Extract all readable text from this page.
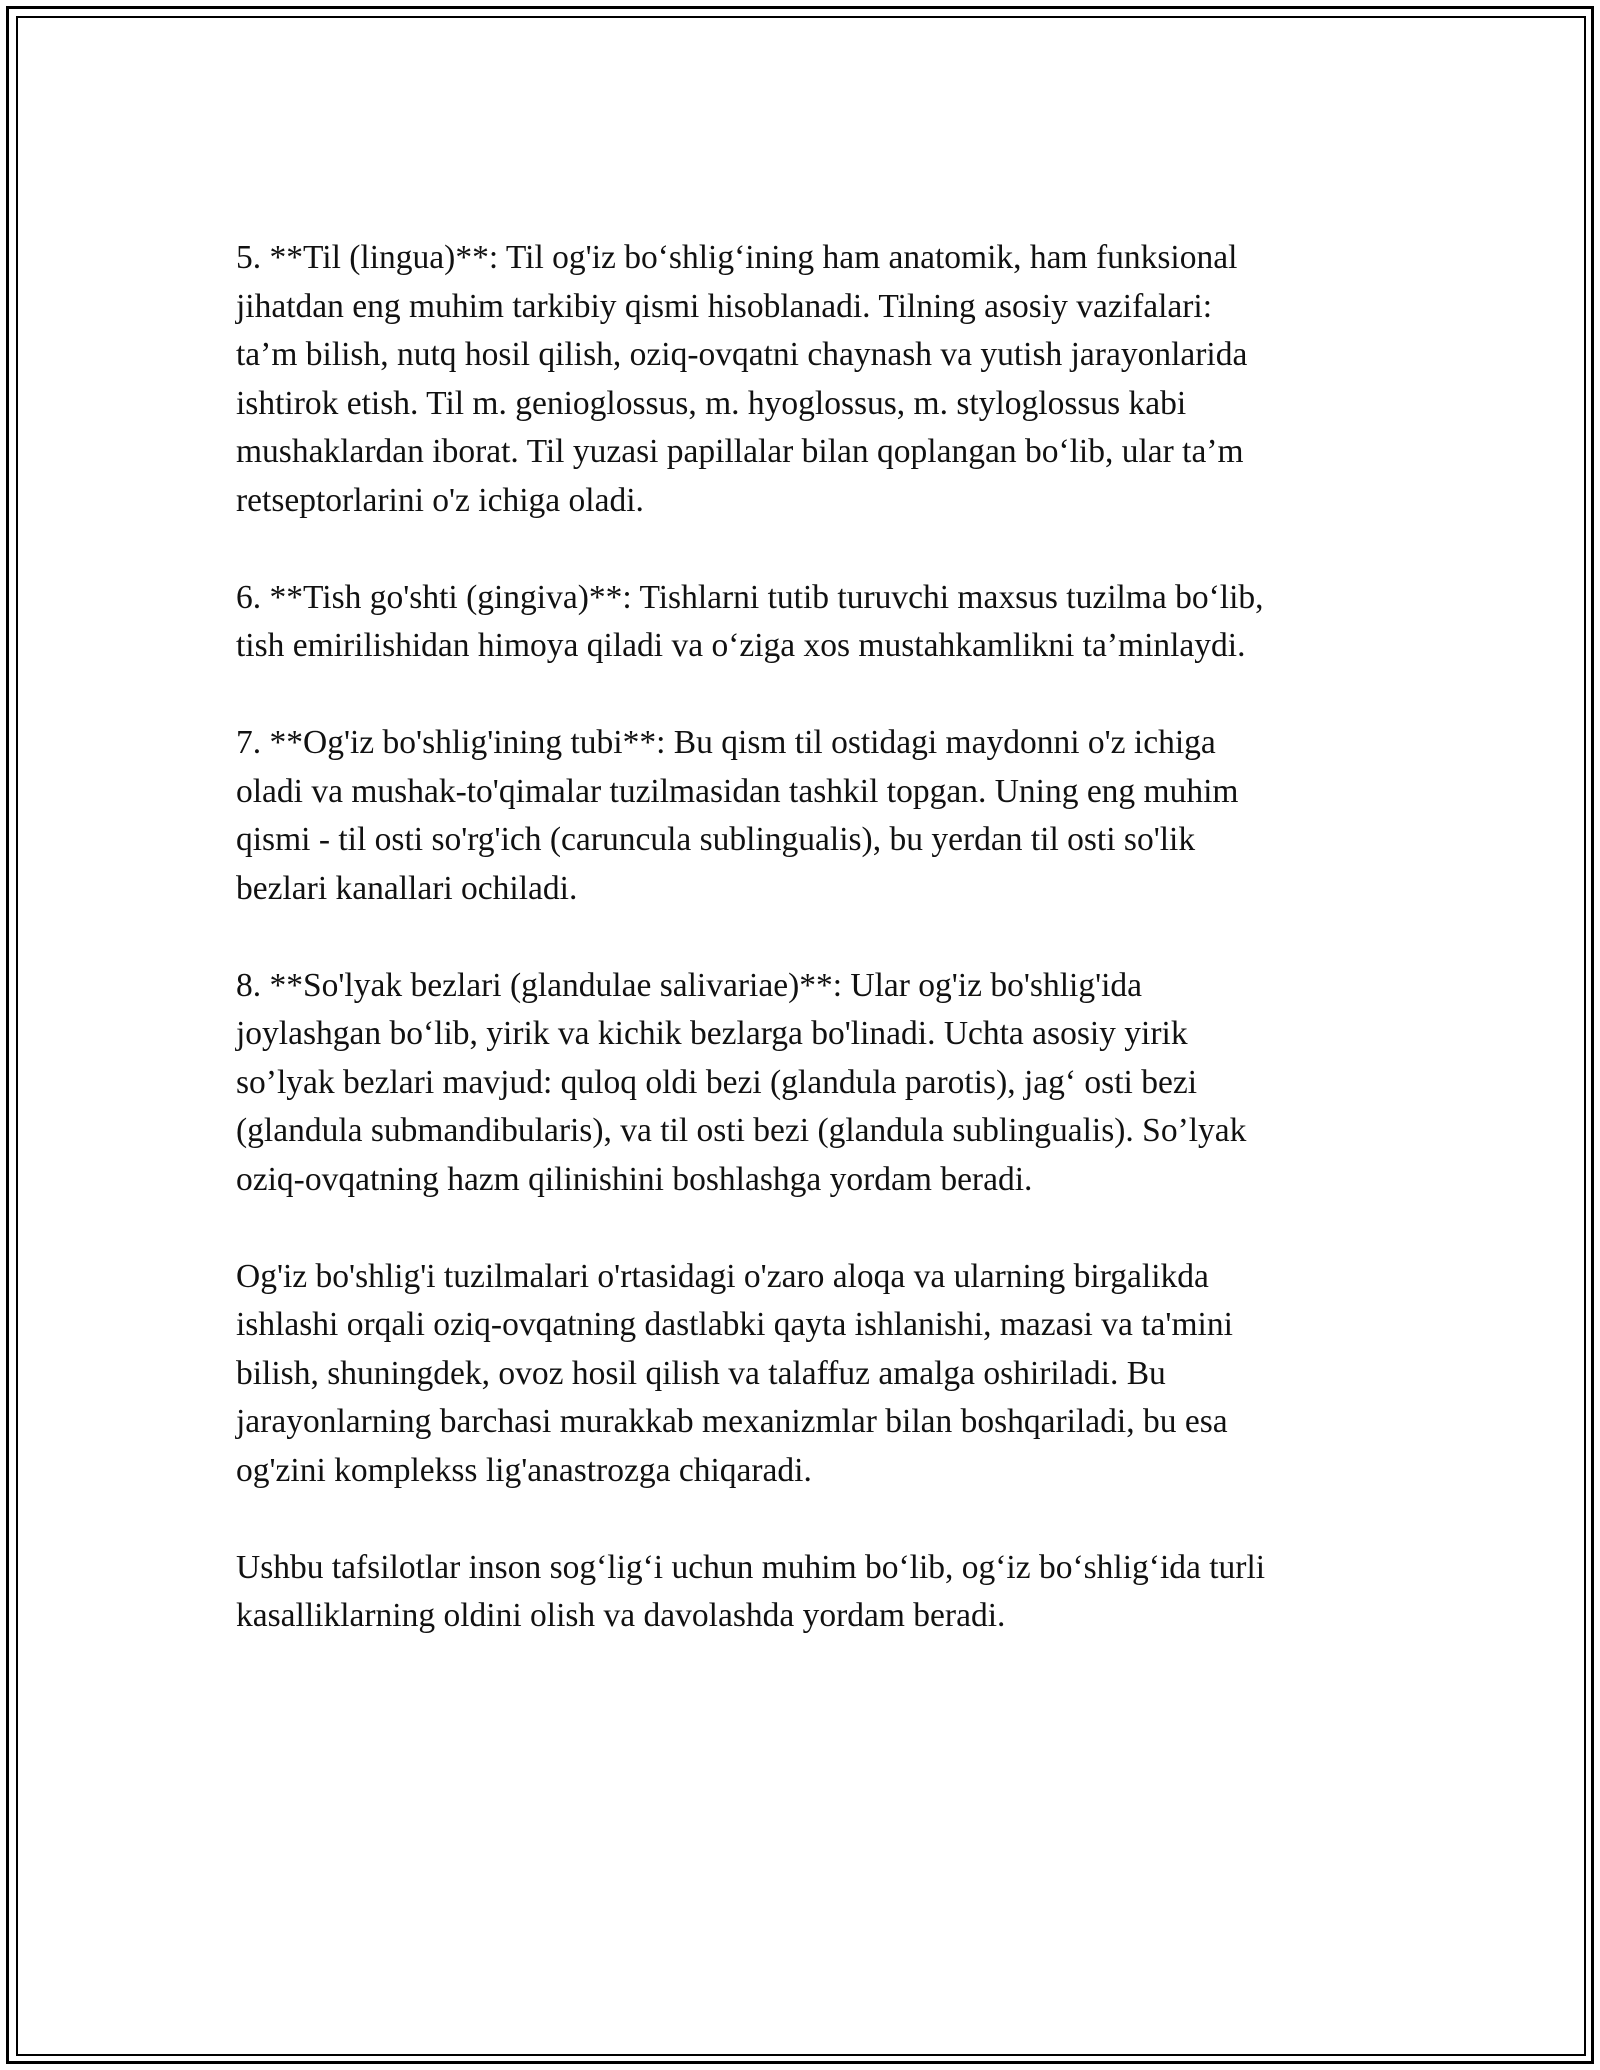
5. **Til (lingua)**: Til og'iz bo‘shlig‘ining ham anatomik, ham funksional
jihatdan eng muhim tarkibiy qismi hisoblanadi. Tilning asosiy vazifalari:
ta’m bilish, nutq hosil qilish, oziq-ovqatni chaynash va yutish jarayonlarida
ishtirok etish. Til m. genioglossus, m. hyoglossus, m. styloglossus kabi
mushaklardan iborat. Til yuzasi papillalar bilan qoplangan bo‘lib, ular ta’m
retseptorlarini o'z ichiga oladi.

6. **Tish go'shti (gingiva)**: Tishlarni tutib turuvchi maxsus tuzilma bo‘lib,
tish emirilishidan himoya qiladi va o‘ziga xos mustahkamlikni ta’minlaydi.

7. **Og'iz bo'shlig'ining tubi**: Bu qism til ostidagi maydonni o'z ichiga
oladi va mushak-to'qimalar tuzilmasidan tashkil topgan. Uning eng muhim
qismi - til osti so'rg'ich (caruncula sublingualis), bu yerdan til osti so'lik
bezlari kanallari ochiladi.

8. **So'lyak bezlari (glandulae salivariae)**: Ular og'iz bo'shlig'ida
joylashgan bo‘lib, yirik va kichik bezlarga bo'linadi. Uchta asosiy yirik
so’lyak bezlari mavjud: quloq oldi bezi (glandula parotis), jag‘ osti bezi
(glandula submandibularis), va til osti bezi (glandula sublingualis). So’lyak
oziq-ovqatning hazm qilinishini boshlashga yordam beradi.

Og'iz bo'shlig'i tuzilmalari o'rtasidagi o'zaro aloqa va ularning birgalikda
ishlashi orqali oziq-ovqatning dastlabki qayta ishlanishi, mazasi va ta'mini
bilish, shuningdek, ovoz hosil qilish va talaffuz amalga oshiriladi. Bu
jarayonlarning barchasi murakkab mexanizmlar bilan boshqariladi, bu esa
og'zini komplekss lig'anastrozga chiqaradi.

Ushbu tafsilotlar inson sog‘lig‘i uchun muhim bo‘lib, og‘iz bo‘shlig‘ida turli
kasalliklarning oldini olish va davolashda yordam beradi.
